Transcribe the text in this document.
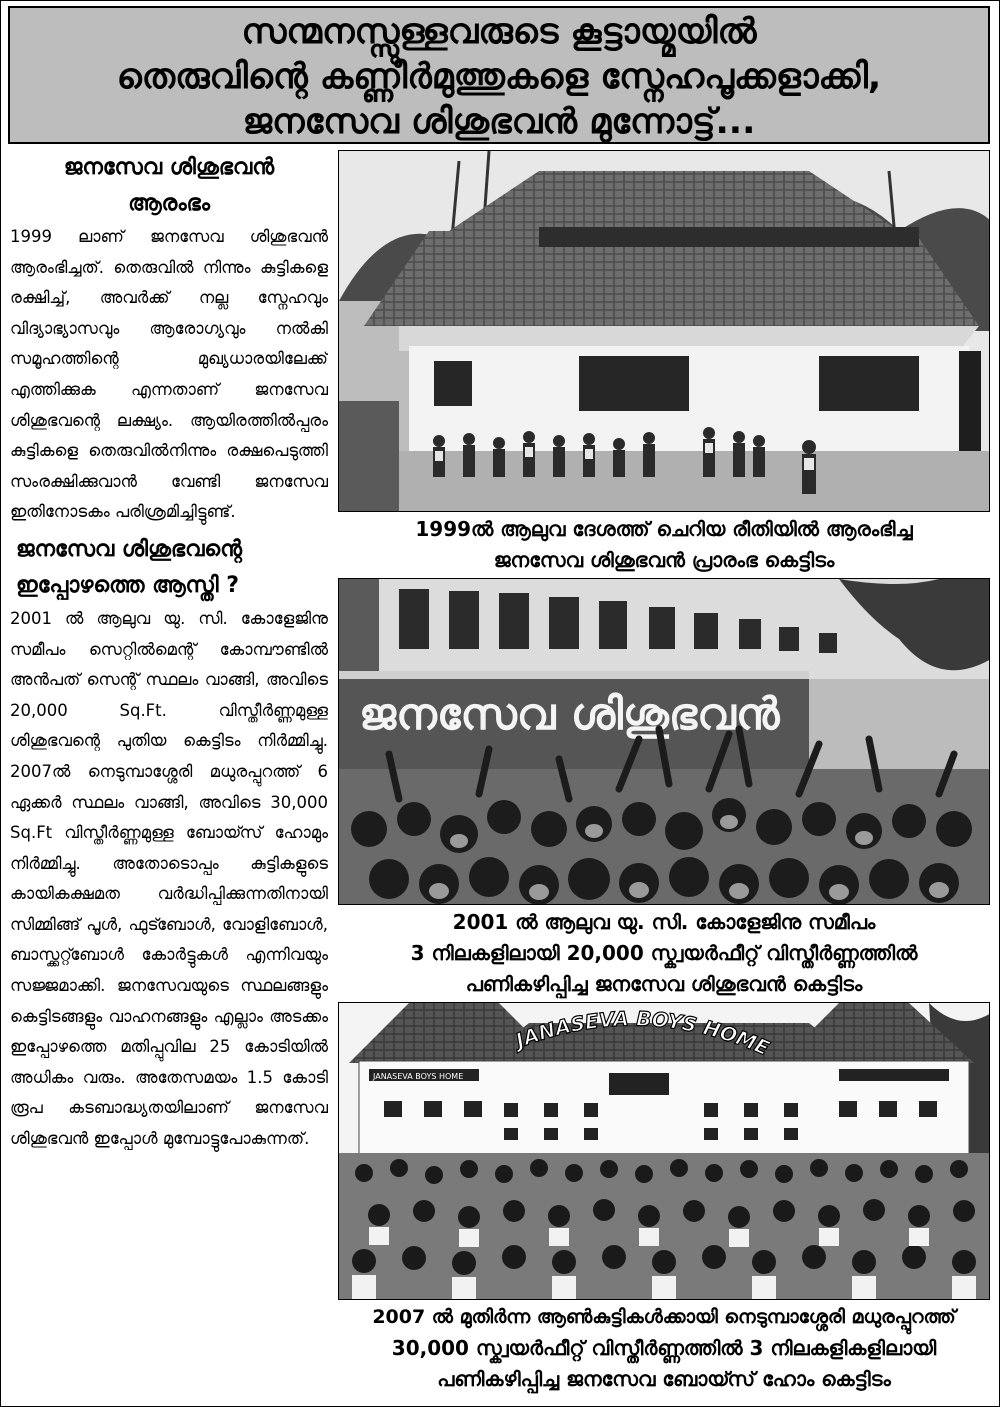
സന്മനസ്സുള്ളവരുടെ കൂട്ടായ്മയിൽ
തെരുവിന്റെ കണ്ണീർമുത്തുകളെ സ്നേഹപൂക്കളാക്കി,
ജനസേവ ശിശുഭവൻ മുന്നോട്ട്...

ജനസേവ ശിശുഭവൻ

ആരംഭം

1999 ലാണ് ജനസേവ ശിശുഭവൻ ആരംഭിച്ചത്. തെരുവിൽ നിന്നും കുട്ടികളെ രക്ഷിച്ച്, അവർക്ക് നല്ല സ്നേഹവും വിദ്യാഭ്യാസവും ആരോഗ്യവും നൽകി സമൂഹത്തിന്റെ മുഖ്യധാരയിലേക്ക് എത്തിക്കുക എന്നതാണ് ജനസേവ ശിശുഭവന്റെ ലക്ഷ്യം. ആയിരത്തിൽപ്പരം കുട്ടികളെ തെരുവിൽനിന്നും രക്ഷപെടുത്തി സംരക്ഷിക്കുവാൻ വേണ്ടി ജനസേവ ഇതിനോടകം പരിശ്രമിച്ചിട്ടുണ്ട്.

ജനസേവ ശിശുഭവന്റെ

ഇപ്പോഴത്തെ ആസ്തി ?

2001 ൽ ആലുവ യു. സി. കോളേജിനു സമീപം സെറ്റിൽമെന്റ് കോമ്പൗണ്ടിൽ അൻപത് സെന്റ് സ്ഥലം വാങ്ങി, അവിടെ 20,000 Sq.Ft. വിസ്തീർണ്ണമുള്ള ശിശുഭവന്റെ പുതിയ കെട്ടിടം നിർമ്മിച്ചു. 2007ൽ നെടുമ്പാശ്ശേരി മധുരപ്പുറത്ത് 6 ഏക്കർ സ്ഥലം വാങ്ങി, അവിടെ 30,000 Sq.Ft വിസ്തീർണ്ണമുള്ള ബോയ്സ് ഹോമും നിർമ്മിച്ചു. അതോടൊപ്പം കുട്ടികളുടെ കായികക്ഷമത വർദ്ധിപ്പിക്കുന്നതിനായി സിമ്മിങ്ങ് പൂൾ, ഫുട്ബോൾ, വോളിബോൾ, ബാസ്ക്കറ്റ്ബോൾ കോർട്ടുകൾ എന്നിവയും സജ്ജമാക്കി. ജനസേവയുടെ സ്ഥലങ്ങളും കെട്ടിടങ്ങളും വാഹനങ്ങളും എല്ലാം അടക്കം ഇപ്പോഴത്തെ മതിപ്പുവില 25 കോടിയിൽ അധികം വരും. അതേസമയം 1.5 കോടി രൂപ കടബാദ്ധ്യതയിലാണ് ജനസേവ ശിശുഭവൻ ഇപ്പോൾ മുമ്പോട്ടുപോകുന്നത്.

1999ൽ ആലുവ ദേശത്ത് ചെറിയ രീതിയിൽ ആരംഭിച്ച
ജനസേവ ശിശുഭവൻ പ്രാരംഭ കെട്ടിടം
ജനസേവ ശിശുഭവൻ
2001 ൽ ആലുവ യു. സി. കോളേജിനു സമീപം
3 നിലകളിലായി 20,000 സ്ക്വയർഫീറ്റ് വിസ്തീർണ്ണത്തിൽ
പണികഴിപ്പിച്ച ജനസേവ ശിശുഭവൻ കെട്ടിടം
JANASEVA BOYS HOME
JANASEVA BOYS HOME
2007 ൽ മുതിർന്ന ആൺകുട്ടികൾക്കായി നെടുമ്പാശ്ശേരി മധുരപ്പുറത്ത്
30,000 സ്ക്വയർഫീറ്റ് വിസ്തീർണ്ണത്തിൽ 3 നിലകളികളിലായി
പണികഴിപ്പിച്ച ജനസേവ ബോയ്സ് ഹോം കെട്ടിടം
